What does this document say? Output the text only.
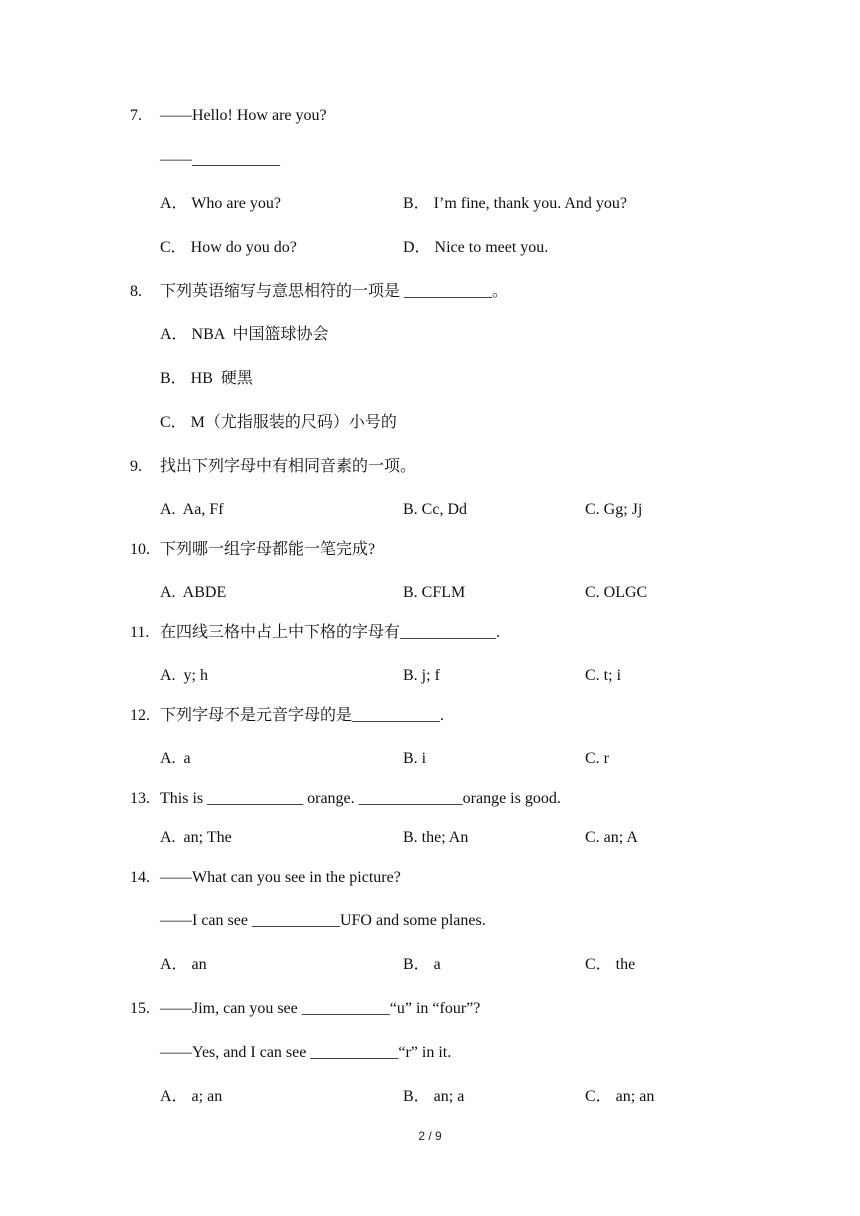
7. ——Hello! How are you?
——___________
A． Who are you?	B． I’m fine, thank you. And you?
C． How do you do?	D． Nice to meet you.
8. 下列英语缩写与意思相符的一项是 ___________。
A． NBA  中国篮球协会
B． HB  硬黑
C． M（尤指服装的尺码）小号的
9. 找出下列字母中有相同音素的一项。
A.  Aa, Ff	B. Cc, Dd	C. Gg; Jj
10. 下列哪一组字母都能一笔完成?
A.  ABDE	B. CFLM	C. OLGC
11. 在四线三格中占上中下格的字母有____________.
A.  y; h	B. j; f	C. t; i
12. 下列字母不是元音字母的是___________.
A.  a	B. i	C. r
13. This is ____________ orange. _____________orange is good.
A.  an; The	B. the; An	C. an; A
14. ——What can you see in the picture?
——I can see ___________UFO and some planes.
A． an	B． a	C． the
15. ——Jim, can you see ___________“u” in “four”?
——Yes, and I can see ___________“r” in it.
A． a; an	B． an; a	C． an; an
2 / 9
